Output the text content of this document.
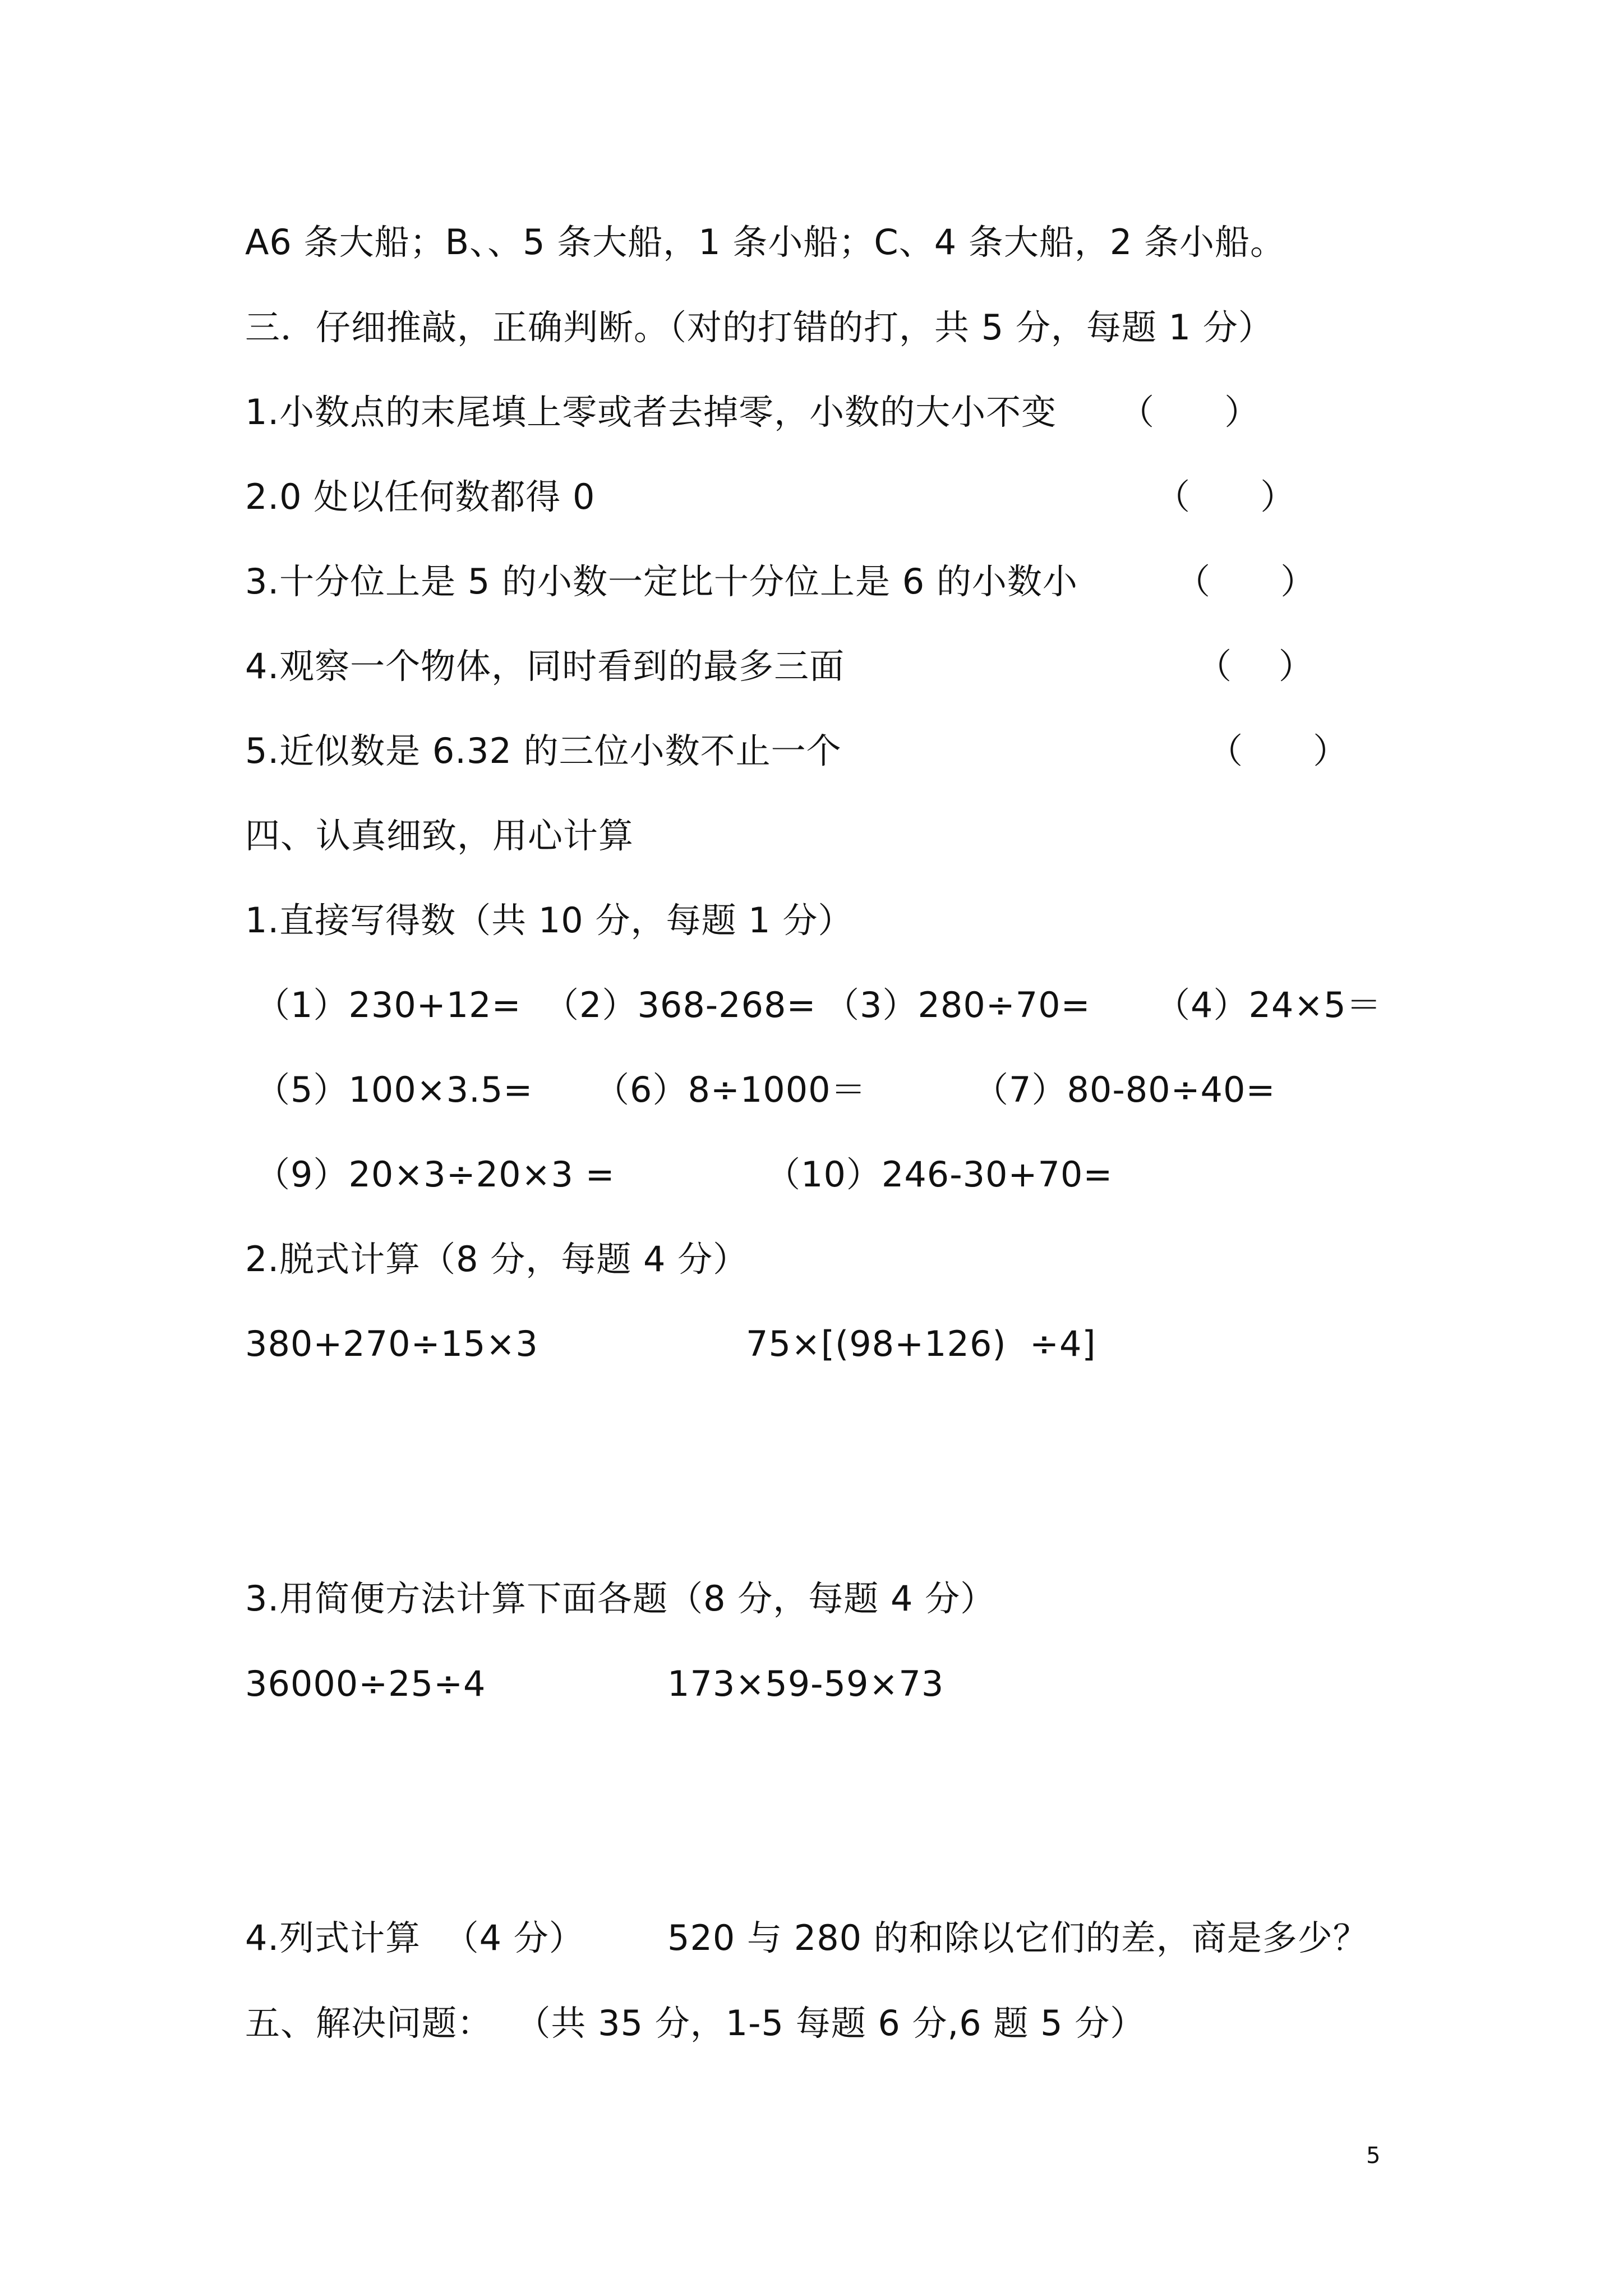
A6 条大船；B、、5 条大船，1 条小船；C、4 条大船，2 条小船。
三．仔细推敲，正确判断。（对的打错的打，共 5 分，每题 1 分）
1.小数点的末尾填上零或者去掉零，小数的大小不变 （      ）
2.0 处以任何数都得 0	（      ）
3.十分位上是 5 的小数一定比十分位上是 6 的小数小	（      ）
4.观察一个物体，同时看到的最多三面	（    ）
5.近似数是 6.32 的三位小数不止一个	（      ）
四、认真细致，用心计算
1.直接写得数（共 10 分，每题 1 分）
（1）230+12= （2）368-268= （3）280÷70= （4）24×5＝
（5）100×3.5= （6）8÷1000＝	（7）80-80÷40=
（9）20×3÷20×3 =	（10）246-30+70=
2.脱式计算（8 分，每题 4 分）
380+270÷15×3	75×[(98+126)  ÷4]
3.用简便方法计算下面各题（8 分，每题 4 分）
36000÷25÷4	173×59-59×73
4.列式计算  （4 分） 520 与 280 的和除以它们的差，商是多少？
五、解决问题：  （共 35 分，1-5 每题 6 分,6 题 5 分）
5
